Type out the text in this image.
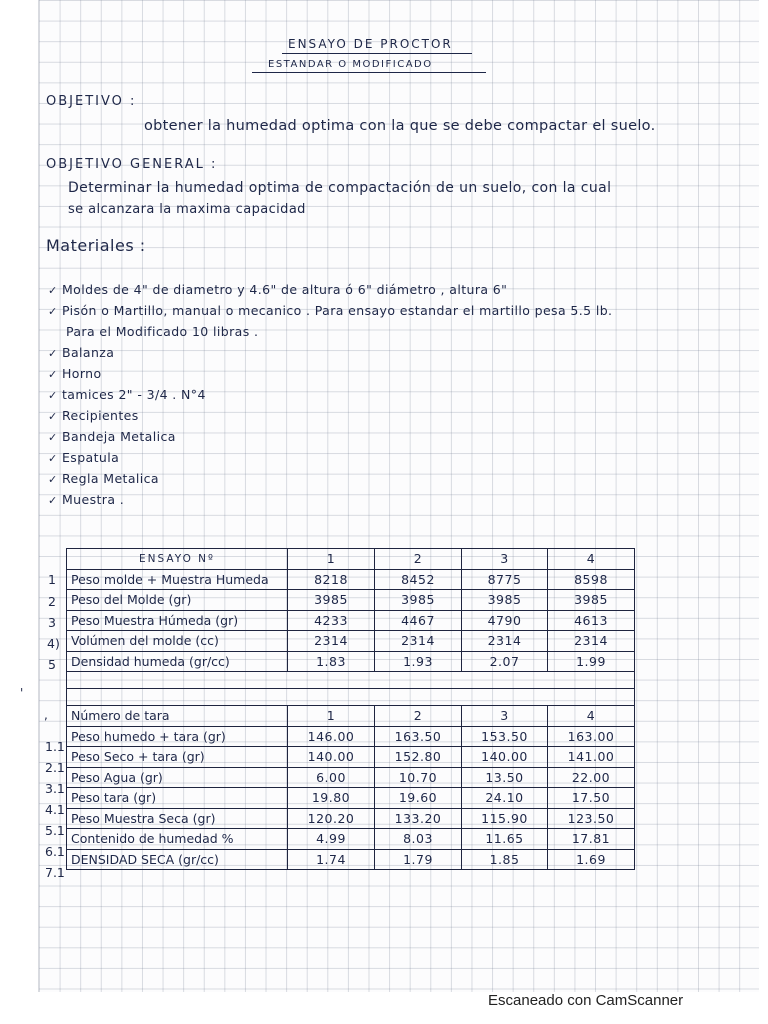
ENSAYO DE PROCTOR
ESTANDAR O MODIFICADO
OBJETIVO :
obtener la humedad optima con la que se debe compactar el suelo.
OBJETIVO GENERAL :
Determinar la humedad optima de compactación de un suelo, con la cual
se alcanzara la maxima capacidad
Materiales :
✓ Moldes de 4" de diametro y 4.6" de altura ó 6" diámetro , altura 6"
✓ Pisón o Martillo, manual o mecanico . Para ensayo estandar el martillo pesa 5.5 lb.
Para el Modificado 10 libras .
✓ Balanza
✓ Horno
✓ tamices 2" - 3/4 . N°4
✓ Recipientes
✓ Bandeja Metalica
✓ Espatula
✓ Regla Metalica
✓ Muestra .
'
,
1
2
3
4)
5
1.1
2.1
3.1
4.1
5.1
6.1
7.1
ENSAYO Nº	1	2	3	4
Peso molde + Muestra Humeda	8218	8452	8775	8598
Peso del Molde (gr)	3985	3985	3985	3985
Peso Muestra Húmeda (gr)	4233	4467	4790	4613
Volúmen del molde (cc)	2314	2314	2314	2314
Densidad humeda (gr/cc)	1.83	1.93	2.07	1.99

Número de tara	1	2	3	4
Peso humedo + tara (gr)	146.00	163.50	153.50	163.00
Peso Seco + tara (gr)	140.00	152.80	140.00	141.00
Peso Agua (gr)	6.00	10.70	13.50	22.00
Peso tara (gr)	19.80	19.60	24.10	17.50
Peso Muestra Seca (gr)	120.20	133.20	115.90	123.50
Contenido de humedad %	4.99	8.03	11.65	17.81
DENSIDAD SECA (gr/cc)	1.74	1.79	1.85	1.69
Escaneado con CamScanner
